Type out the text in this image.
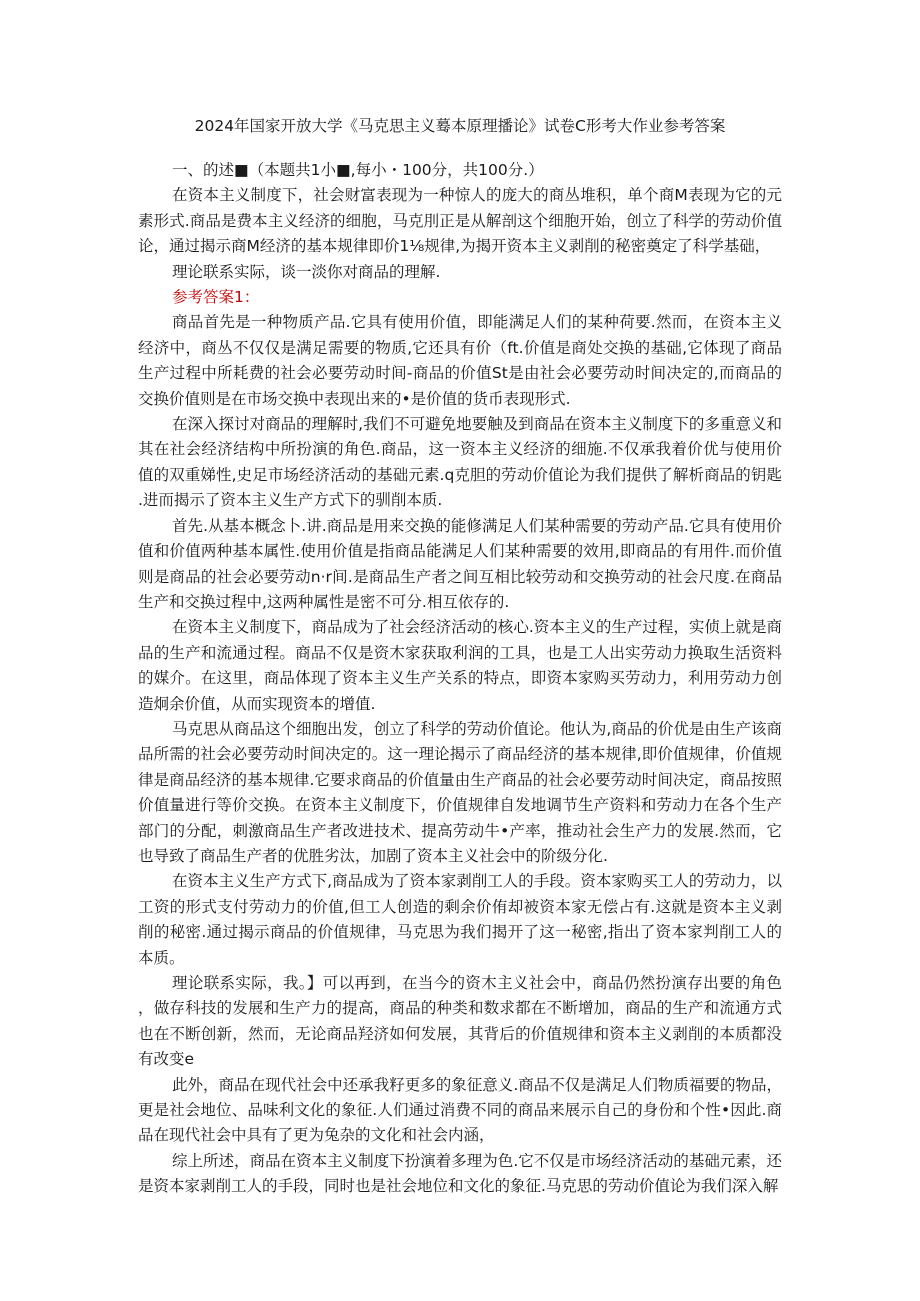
2024年国家开放大学《马克思主义蓦本原理播论》试卷C形考大作业参考答案

一、的述■（本题共1小■,每小・100分，共100分.）

在资本主义制度下，社会财富表现为一种惊人的庞大的商丛堆积，单个商M表现为它的元素形式.商品是费本主义经济的细胞，马克刖正是从解剖这个细胞开始，创立了科学的劳动价值论，通过揭示商M经济的基本规律即价1⅛规律,为揭开资本主义剥削的秘密奠定了科学基础，

理论联系实际，谈一淡你对商品的理解.

参考答案1：

商品首先是一种物质产品.它具有使用价值，即能满足人们的某种荷要.然而，在资本主义经济中，商丛不仅仅是满足需要的物质,它还具有价（ft.价值是商处交换的基础,它体现了商品生产过程中所耗费的社会必要劳动时间-商品的价值St是由社会必要劳动时间决定的,而商品的交换价值则是在市场交换中表现出来的•是价值的货币表现形式.

在深入探讨对商品的理解时,我们不可避免地要触及到商品在资本主义制度下的多重意义和其在社会经济结构中所扮演的角色.商品，这一资本主义经济的细施.不仅承我着价优与使用价值的双重娣性,史足市场经济活动的基础元素.q克胆的劳动价值论为我们提供了解析商品的钥匙.进而揭示了资本主义生产方式下的驯削本质.

首先.从基本概念卜.讲.商品是用来交换的能修满足人们某种需要的劳动产品.它具有使用价值和价值两种基本属性.使用价值是指商品能满足人们某种需要的效用,即商品的有用件.而价值则是商品的社会必要劳动n·r间.是商品生产者之间互相比较劳动和交换劳动的社会尺度.在商品生产和交换过程中,这两种属性是密不可分.相互依存的.

在资本主义制度下，商品成为了社会经济活动的核心.资本主义的生产过程，实侦上就是商品的生产和流通过程。商品不仅是资木家获取利润的工具，也是工人出实劳动力换取生活资料的媒介。在这里，商品体现了资本主义生产关系的特点，即资本家购买劳动力，利用劳动力创造炯余价值，从而实现资本的增值.

马克思从商品这个细胞出发，创立了科学的劳动价值论。他认为,商品的价优是由生产该商品所需的社会必要劳动时间决定的。这一理论揭示了商品经济的基本规律,即价值规律，价值规律是商品经济的基本规律.它要求商品的价值量由生产商品的社会必要劳动时间决定，商品按照价值量进行等价交换。在资本主义制度下，价值规律自发地调节生产资料和劳动力在各个生产部门的分配，刺激商品生产者改进技术、提高劳动牛•产率，推动社会生产力的发展.然而，它也导致了商品生产者的优胜劣汰，加剧了资本主义社会中的阶级分化.

在资本主义生产方式下,商品成为了资本家剥削工人的手段。资本家购买工人的劳动力，以工资的形式支付劳动力的价值,但工人创造的剩余价侑却被资本家无偿占有.这就是资本主义剥削的秘密.通过揭示商品的价值规律，马克思为我们揭开了这一秘密,指出了资本家判削工人的本质。

理论联系实际，我。】可以再到，在当今的资木主义社会中，商品仍然扮演存出要的角色，做存科技的发展和生产力的提高，商品的种类和数求都在不断增加，商品的生产和流通方式也在不断创新，然而，无论商品羟济如何发展，其背后的价值规律和资本主义剥削的本质都没有改变e

此外，商品在现代社会中还承我籽更多的象征意义.商品不仅是满足人们物质福要的物品，更是社会地位、品味利文化的象征.人们通过消费不同的商品来展示自己的身份和个性•因此.商品在现代社会中具有了更为兔杂的文化和社会内涵，

综上所述，商品在资本主义制度下扮演着多理为色.它不仅是市场经济活动的基础元素，还是资本家剥削工人的手段，同时也是社会地位和文化的象征.马克思的劳动价值论为我们深入解
